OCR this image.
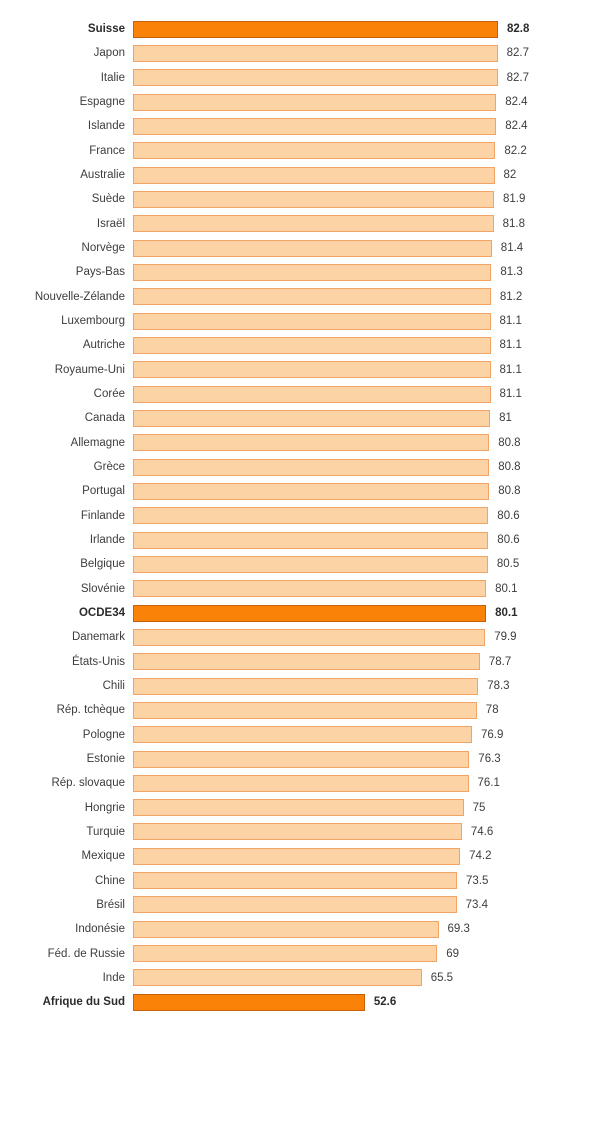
Suisse	82.8
Japon	82.7
Italie	82.7
Espagne	82.4
Islande	82.4
France	82.2
Australie	82
Suède	81.9
Israël	81.8
Norvège	81.4
Pays-Bas	81.3
Nouvelle-Zélande	81.2
Luxembourg	81.1
Autriche	81.1
Royaume-Uni	81.1
Corée	81.1
Canada	81
Allemagne	80.8
Grèce	80.8
Portugal	80.8
Finlande	80.6
Irlande	80.6
Belgique	80.5
Slovénie	80.1
OCDE34	80.1
Danemark	79.9
États-Unis	78.7
Chili	78.3
Rép. tchèque	78
Pologne	76.9
Estonie	76.3
Rép. slovaque	76.1
Hongrie	75
Turquie	74.6
Mexique	74.2
Chine	73.5
Brésil	73.4
Indonésie	69.3
Féd. de Russie	69
Inde	65.5
Afrique du Sud	52.6
